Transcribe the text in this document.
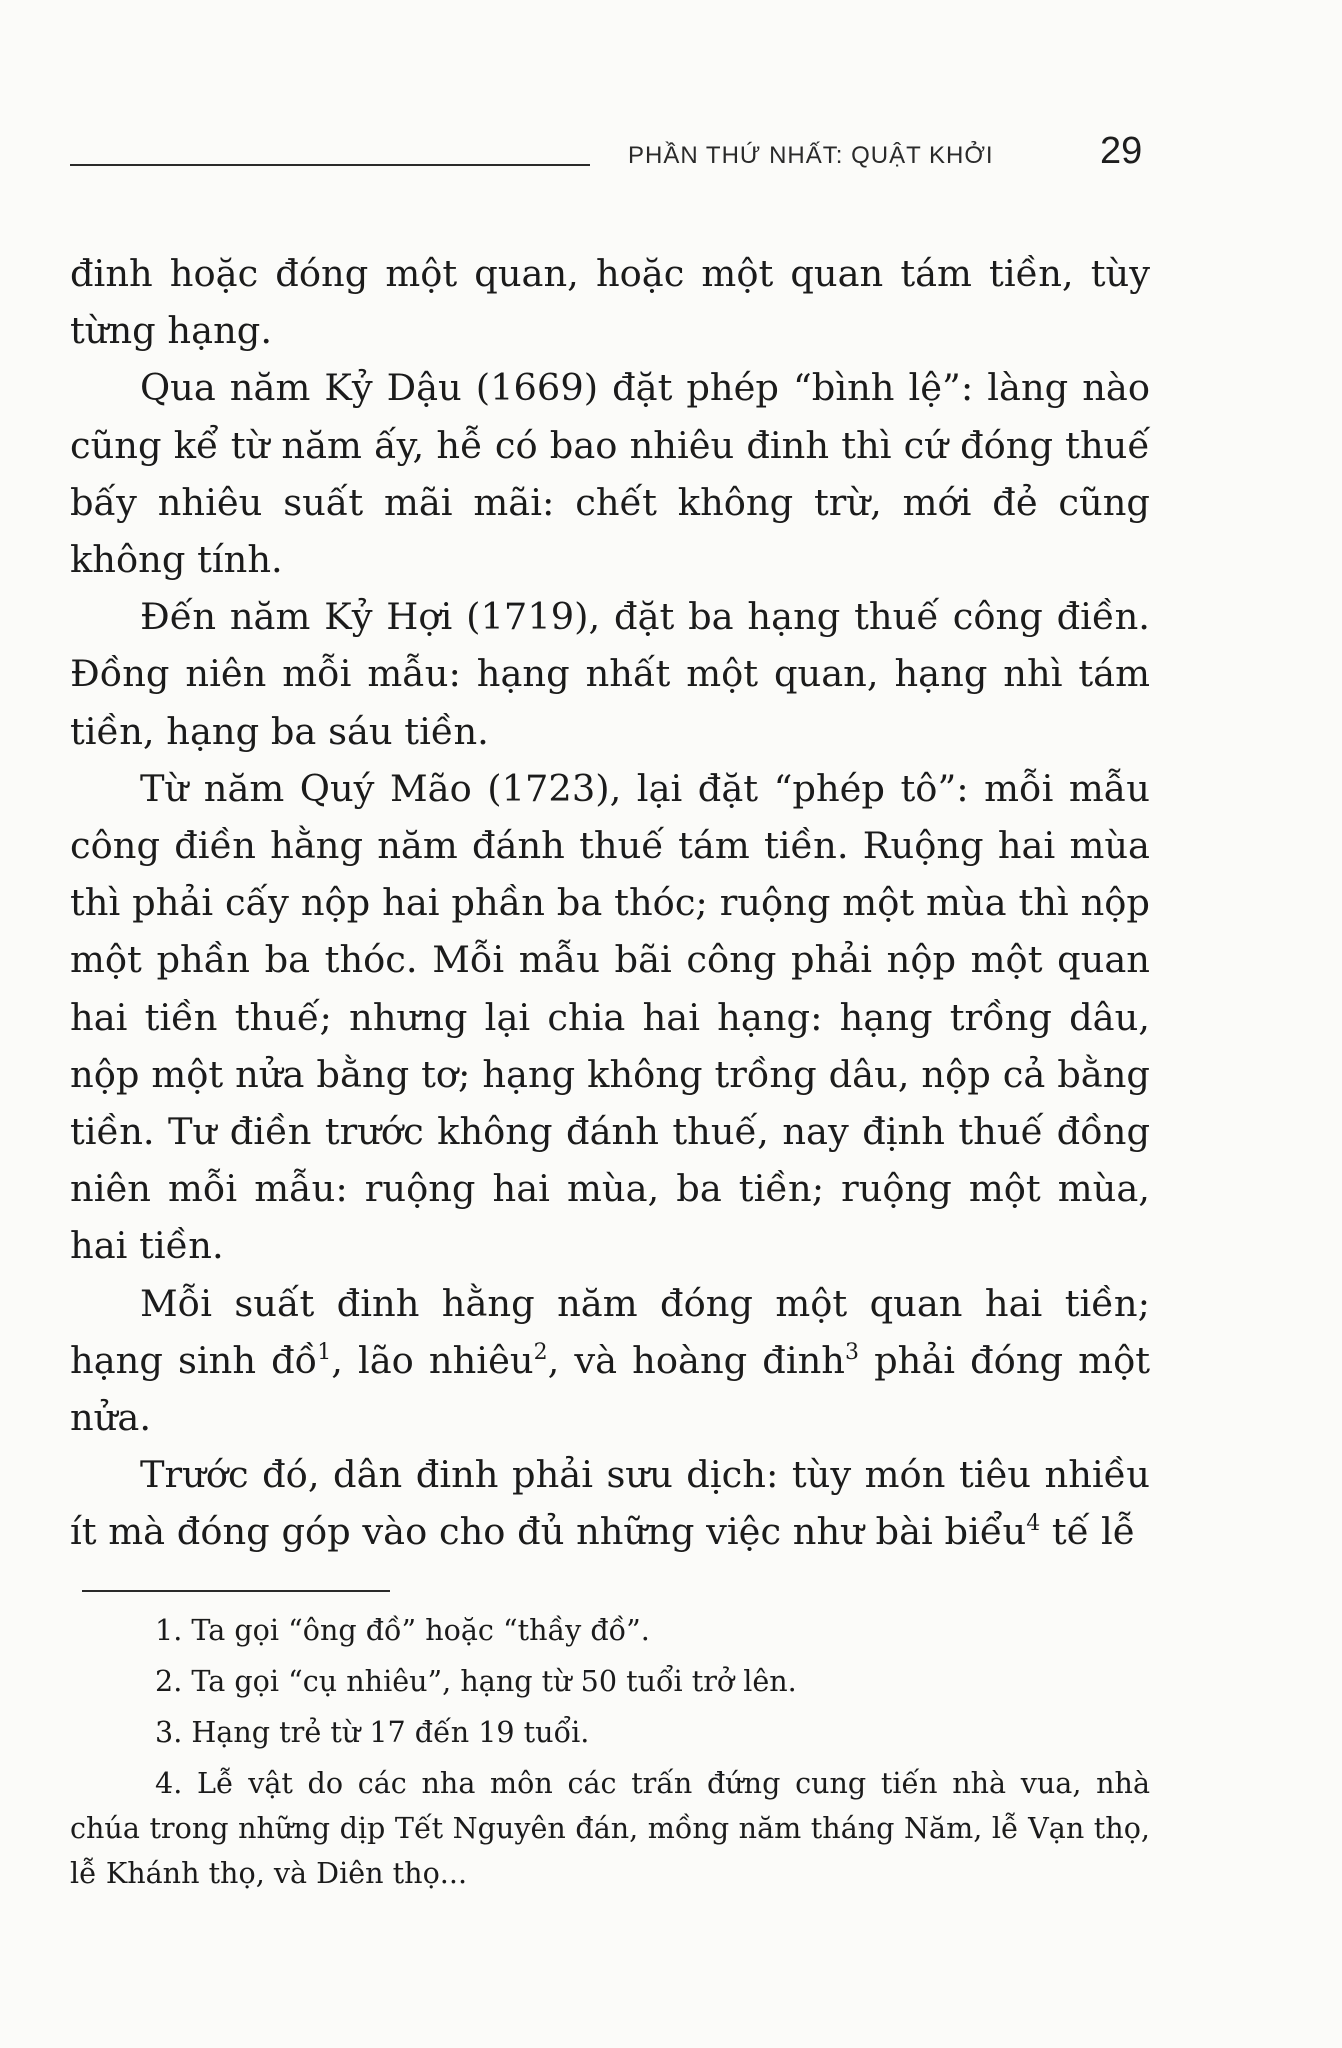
PHẦN THỨ NHẤT: QUẬT KHỞI	29

đinh hoặc đóng một quan, hoặc một quan tám tiền, tùy từng hạng.

Qua năm Kỷ Dậu (1669) đặt phép “bình lệ”: làng nào cũng kể từ năm ấy, hễ có bao nhiêu đinh thì cứ đóng thuế bấy nhiêu suất mãi mãi: chết không trừ, mới đẻ cũng không tính.

Đến năm Kỷ Hợi (1719), đặt ba hạng thuế công điền. Đồng niên mỗi mẫu: hạng nhất một quan, hạng nhì tám tiền, hạng ba sáu tiền.

Từ năm Quý Mão (1723), lại đặt “phép tô”: mỗi mẫu công điền hằng năm đánh thuế tám tiền. Ruộng hai mùa thì phải cấy nộp hai phần ba thóc; ruộng một mùa thì nộp một phần ba thóc. Mỗi mẫu bãi công phải nộp một quan hai tiền thuế; nhưng lại chia hai hạng: hạng trồng dâu, nộp một nửa bằng tơ; hạng không trồng dâu, nộp cả bằng tiền. Tư điền trước không đánh thuế, nay định thuế đồng niên mỗi mẫu: ruộng hai mùa, ba tiền; ruộng một mùa, hai tiền.

Mỗi suất đinh hằng năm đóng một quan hai tiền; hạng sinh đồ$^1$, lão nhiêu$^2$, và hoàng đinh$^3$ phải đóng một nửa.

Trước đó, dân đinh phải sưu dịch: tùy món tiêu nhiều ít mà đóng góp vào cho đủ những việc như bài biểu$^4$ tế lễ

1. Ta gọi “ông đồ” hoặc “thầy đồ”.

2. Ta gọi “cụ nhiêu”, hạng từ 50 tuổi trở lên.

3. Hạng trẻ từ 17 đến 19 tuổi.

4. Lễ vật do các nha môn các trấn đứng cung tiến nhà vua, nhà chúa trong những dịp Tết Nguyên đán, mồng năm tháng Năm, lễ Vạn thọ, lễ Khánh thọ, và Diên thọ...
